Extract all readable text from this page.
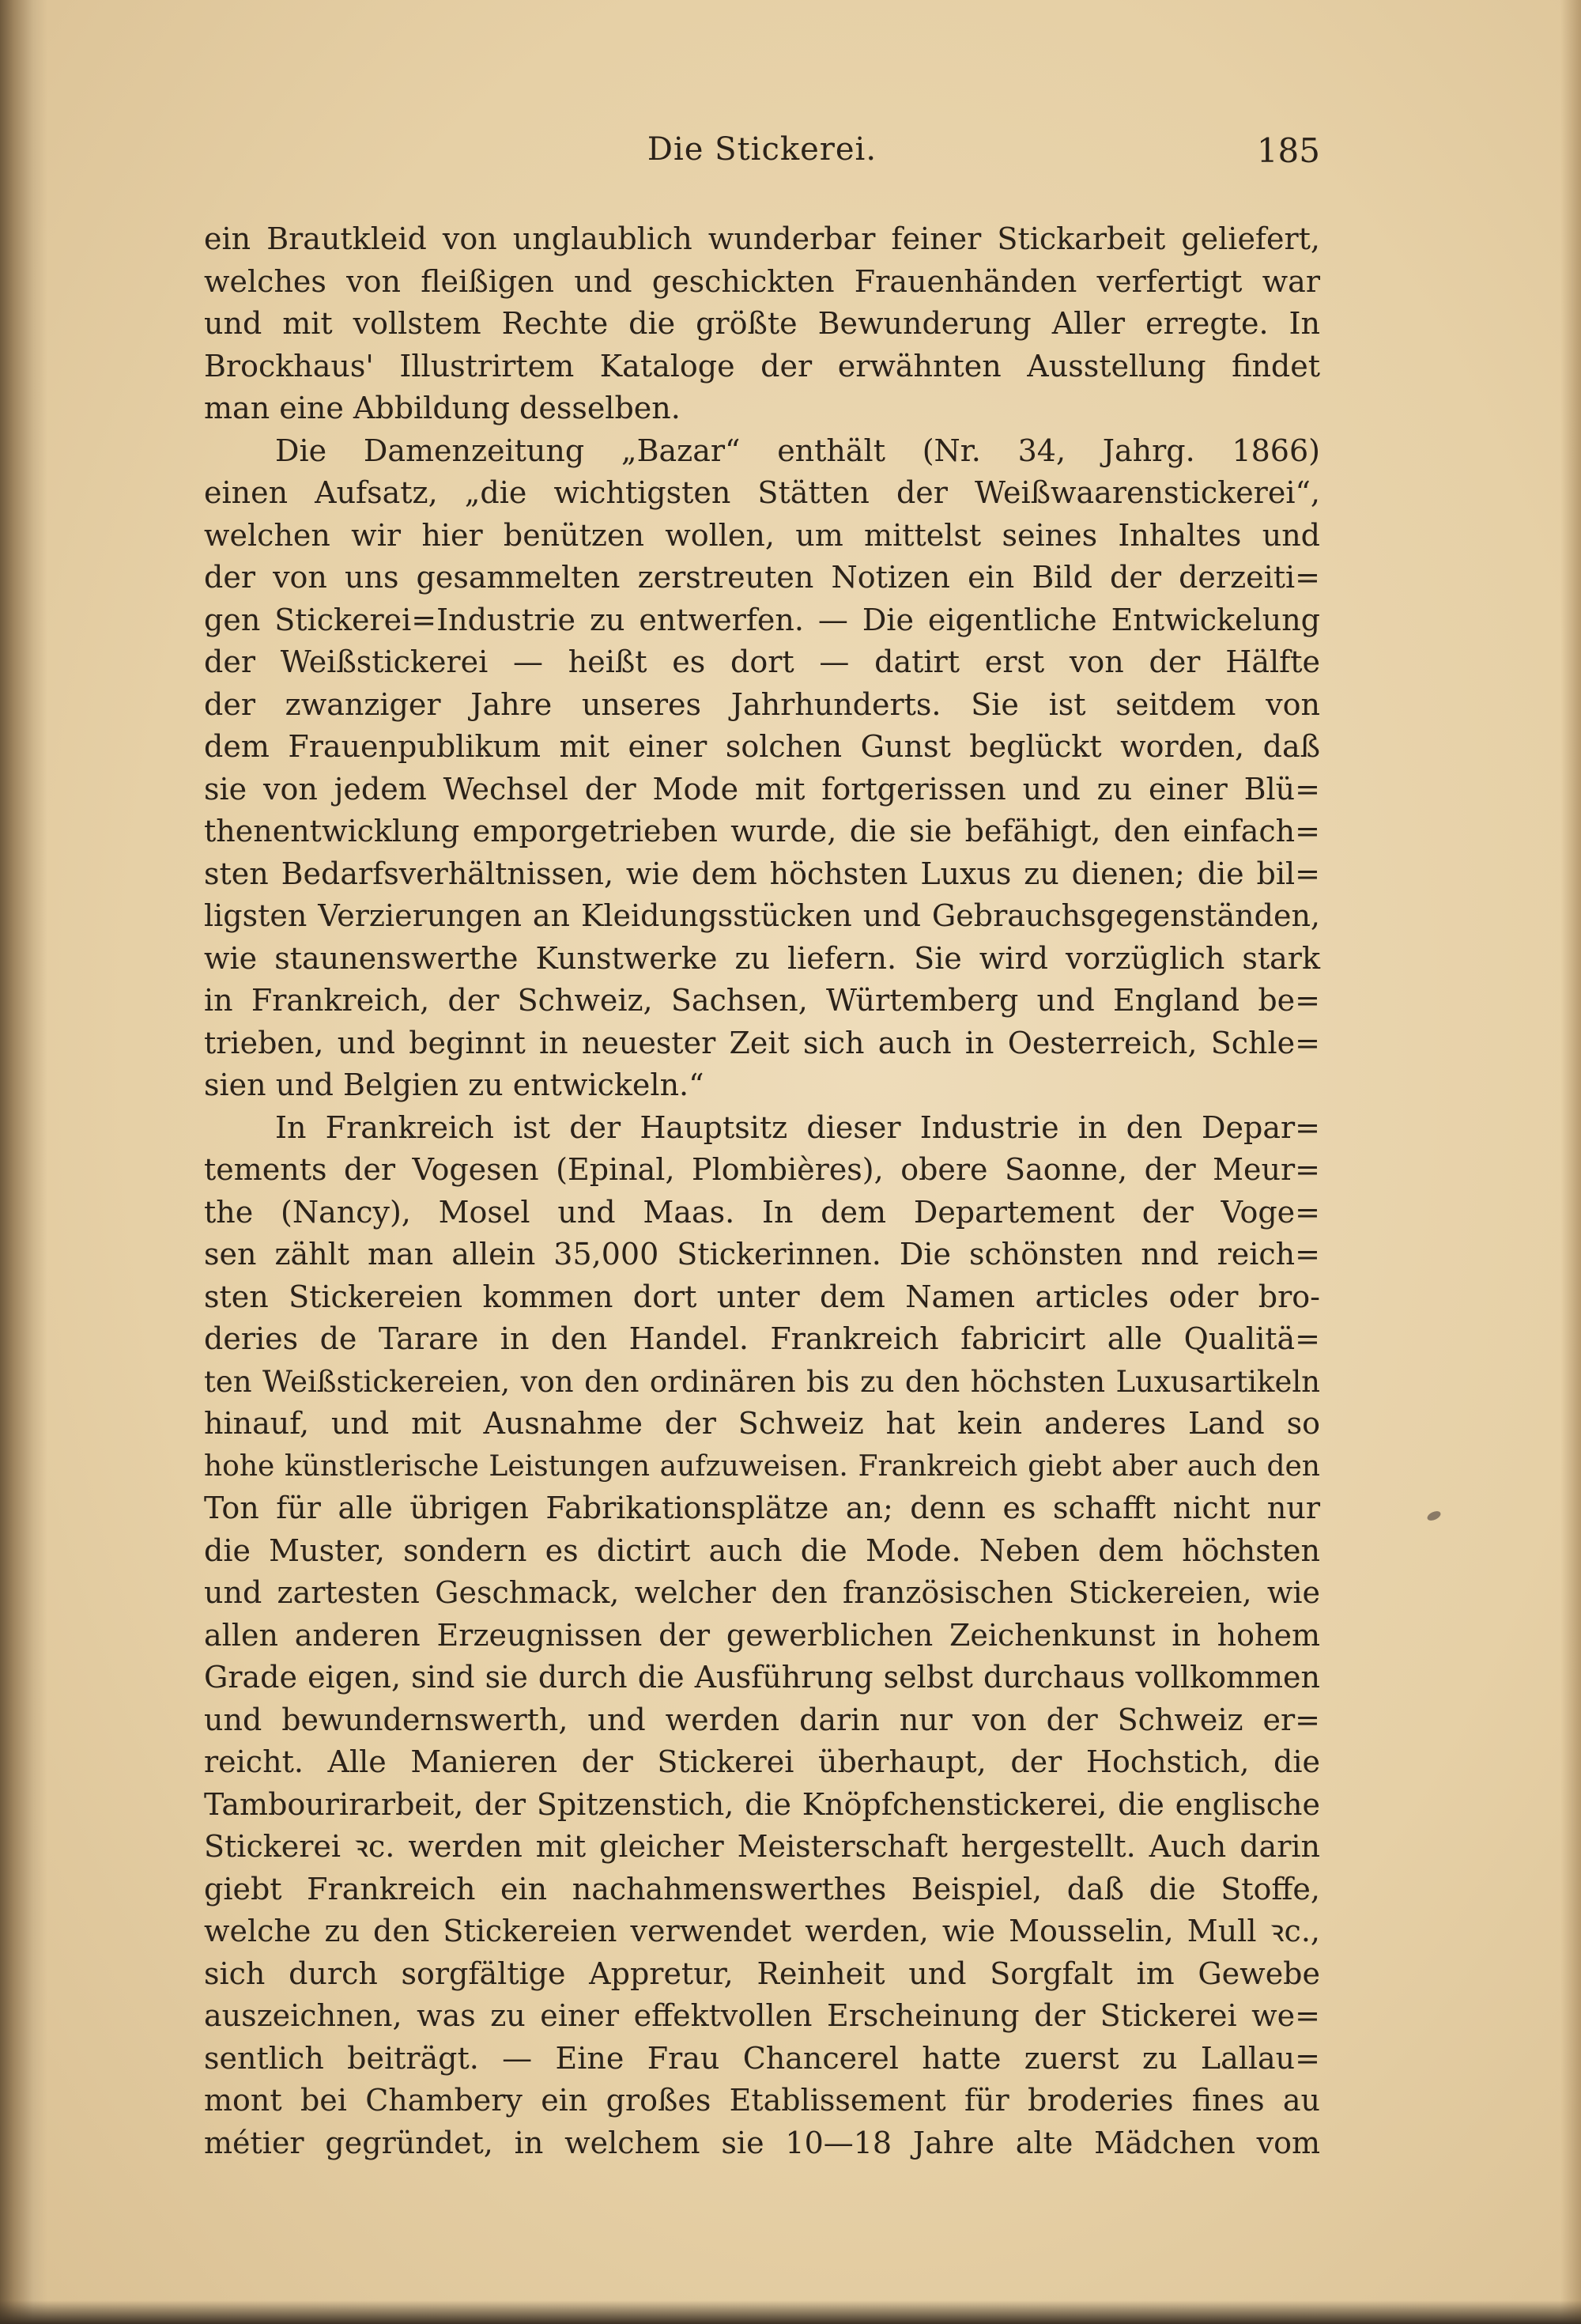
Die Stickerei.	185
ein Brautkleid von unglaublich wunderbar feiner Stickarbeit geliefert,
welches von fleißigen und geschickten Frauenhänden verfertigt war
und mit vollstem Rechte die größte Bewunderung Aller erregte. In
Brockhaus' Illustrirtem Kataloge der erwähnten Ausstellung findet
man eine Abbildung desselben.
Die Damenzeitung „Bazar“ enthält (Nr. 34, Jahrg. 1866)
einen Aufsatz, „die wichtigsten Stätten der Weißwaarenstickerei“,
welchen wir hier benützen wollen, um mittelst seines Inhaltes und
der von uns gesammelten zerstreuten Notizen ein Bild der derzeiti=
gen Stickerei=Industrie zu entwerfen. — Die eigentliche Entwickelung
der Weißstickerei — heißt es dort — datirt erst von der Hälfte
der zwanziger Jahre unseres Jahrhunderts. Sie ist seitdem von
dem Frauenpublikum mit einer solchen Gunst beglückt worden, daß
sie von jedem Wechsel der Mode mit fortgerissen und zu einer Blü=
thenentwicklung emporgetrieben wurde, die sie befähigt, den einfach=
sten Bedarfsverhältnissen, wie dem höchsten Luxus zu dienen; die bil=
ligsten Verzierungen an Kleidungsstücken und Gebrauchsgegenständen,
wie staunenswerthe Kunstwerke zu liefern. Sie wird vorzüglich stark
in Frankreich, der Schweiz, Sachsen, Würtemberg und England be=
trieben, und beginnt in neuester Zeit sich auch in Oesterreich, Schle=
sien und Belgien zu entwickeln.“
In Frankreich ist der Hauptsitz dieser Industrie in den Depar=
tements der Vogesen (Epinal, Plombières), obere Saonne, der Meur=
the (Nancy), Mosel und Maas. In dem Departement der Voge=
sen zählt man allein 35,000 Stickerinnen. Die schönsten nnd reich=
sten Stickereien kommen dort unter dem Namen articles oder bro-
deries de Tarare in den Handel. Frankreich fabricirt alle Qualitä=
ten Weißstickereien, von den ordinären bis zu den höchsten Luxusartikeln
hinauf, und mit Ausnahme der Schweiz hat kein anderes Land so
hohe künstlerische Leistungen aufzuweisen. Frankreich giebt aber auch den
Ton für alle übrigen Fabrikationsplätze an; denn es schafft nicht nur
die Muster, sondern es dictirt auch die Mode. Neben dem höchsten
und zartesten Geschmack, welcher den französischen Stickereien, wie
allen anderen Erzeugnissen der gewerblichen Zeichenkunst in hohem
Grade eigen, sind sie durch die Ausführung selbst durchaus vollkommen
und bewundernswerth, und werden darin nur von der Schweiz er=
reicht. Alle Manieren der Stickerei überhaupt, der Hochstich, die
Tambourirarbeit, der Spitzenstich, die Knöpfchenstickerei, die englische
Stickerei ꝛc. werden mit gleicher Meisterschaft hergestellt. Auch darin
giebt Frankreich ein nachahmenswerthes Beispiel, daß die Stoffe,
welche zu den Stickereien verwendet werden, wie Mousselin, Mull ꝛc.,
sich durch sorgfältige Appretur, Reinheit und Sorgfalt im Gewebe
auszeichnen, was zu einer effektvollen Erscheinung der Stickerei we=
sentlich beiträgt. — Eine Frau Chancerel hatte zuerst zu Lallau=
mont bei Chambery ein großes Etablissement für broderies fines au
métier gegründet, in welchem sie 10—18 Jahre alte Mädchen vom
